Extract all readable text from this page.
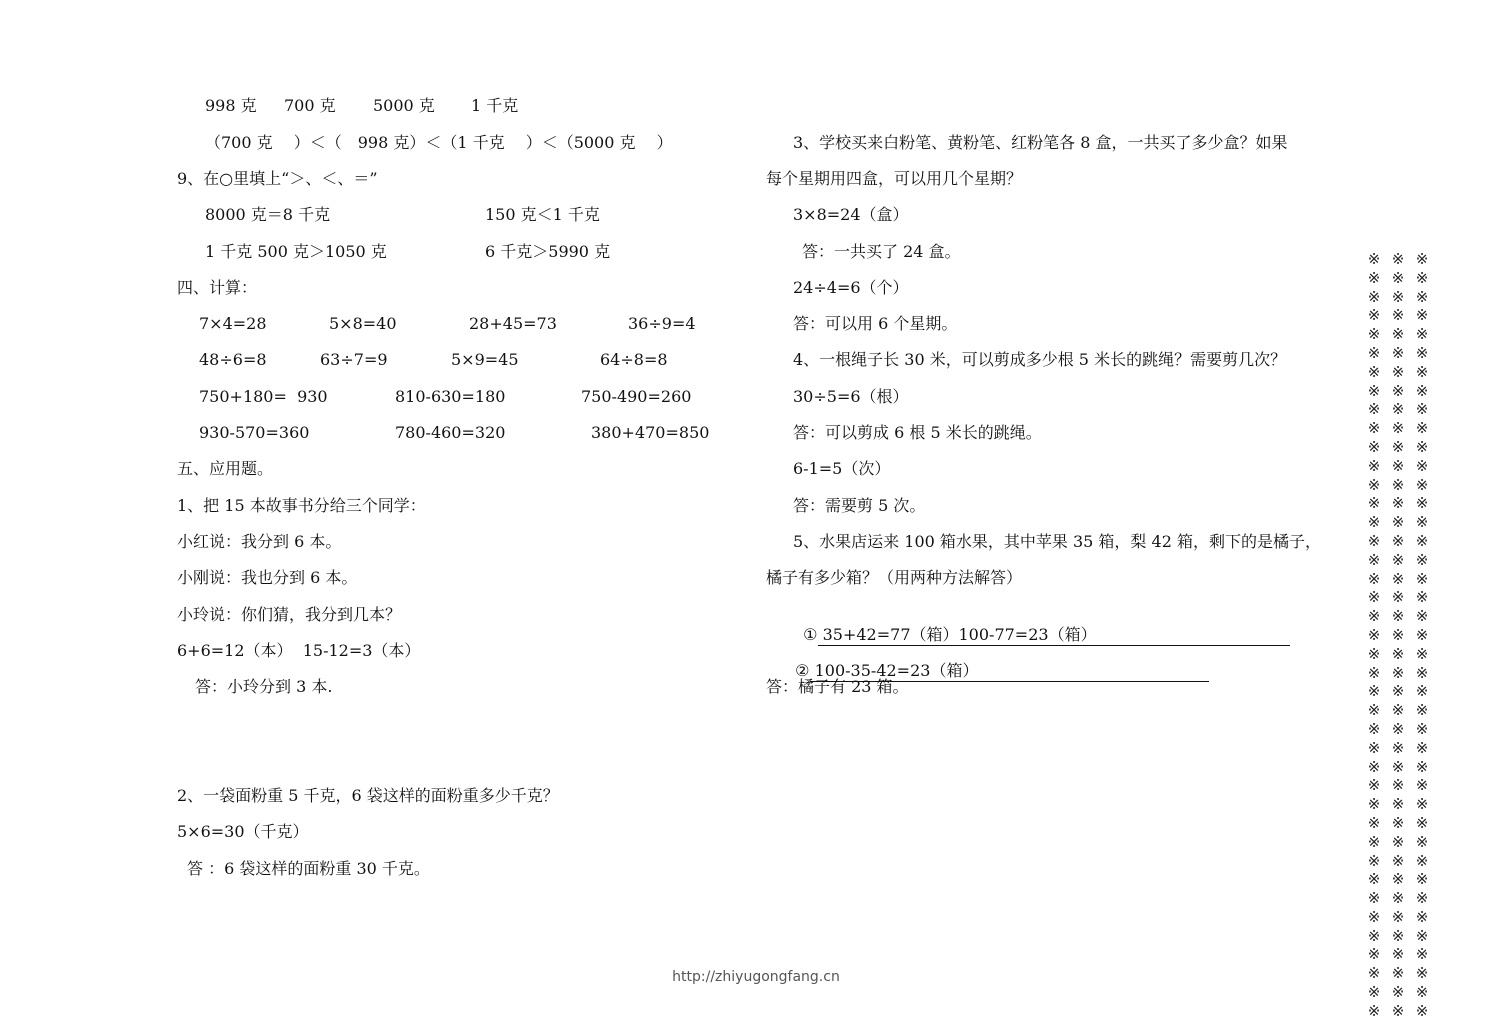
998 克 700 克 5000 克 1 千克
（700 克　 ）＜（　998 克）＜（1 千克　 ）＜（5000 克　 ）
9、在○里填上“＞、＜、＝”
8000 克＝8 千克	150 克＜1 千克
1 千克 500 克＞1050 克	6 千克＞5990 克
四、计算：
7×4=28	5×8=40	28+45=73	36÷9=4
48÷6=8	63÷7=9	5×9=45	64÷8=8
750+180=  930	810-630=180	750-490=260
930-570=360	780-460=320	380+470=850
五、应用题。
1、把 15 本故事书分给三个同学：
小红说：我分到 6 本。
小刚说：我也分到 6 本。
小玲说：你们猜，我分到几本？
6+6=12（本）  15-12=3（本）
答：小玲分到 3 本.
2、一袋面粉重 5 千克，6 袋这样的面粉重多少千克？
5×6=30（千克）
答 ：6 袋这样的面粉重 30 千克。
3、学校买来白粉笔、黄粉笔、红粉笔各 8 盒，一共买了多少盒？如果
每个星期用四盒，可以用几个星期？
3×8=24（盒）
答：一共买了 24 盒。
24÷4=6（个）
答：可以用 6 个星期。
4、一根绳子长 30 米，可以剪成多少根 5 米长的跳绳？需要剪几次？
30÷5=6（根）
答：可以剪成 6 根 5 米长的跳绳。
6-1=5（次）
答：需要剪 5 次。
5、水果店运来 100 箱水果，其中苹果 35 箱，梨 42 箱，剩下的是橘子，
橘子有多少箱？（用两种方法解答）

① 35+42=77（箱）100-77=23（箱）

② 100-35-42=23（箱）

答：橘子有 23 箱。
※
※
※
※
※
※
※
※
※
※
※
※
※
※
※
※
※
※
※
※
※
※
※
※
※
※
※
※
※
※
※
※
※
※
※
※
※
※
※
※
※
※
※
※
※
※
※
※
※
※
※
※
※
※
※
※
※
※
※
※
※
※
※
※
※
※
※
※
※
※
※
※
※
※
※
※
※
※
※
※
※
※
※
※
※
※
※
※
※
※
※
※
※
※
※
※
※
※
※
※
※
※
※
※
※
※
※
※
※
※
※
※
※
※
※
※
※
※
※
※
※
※
※
http://zhiyugongfang.cn
